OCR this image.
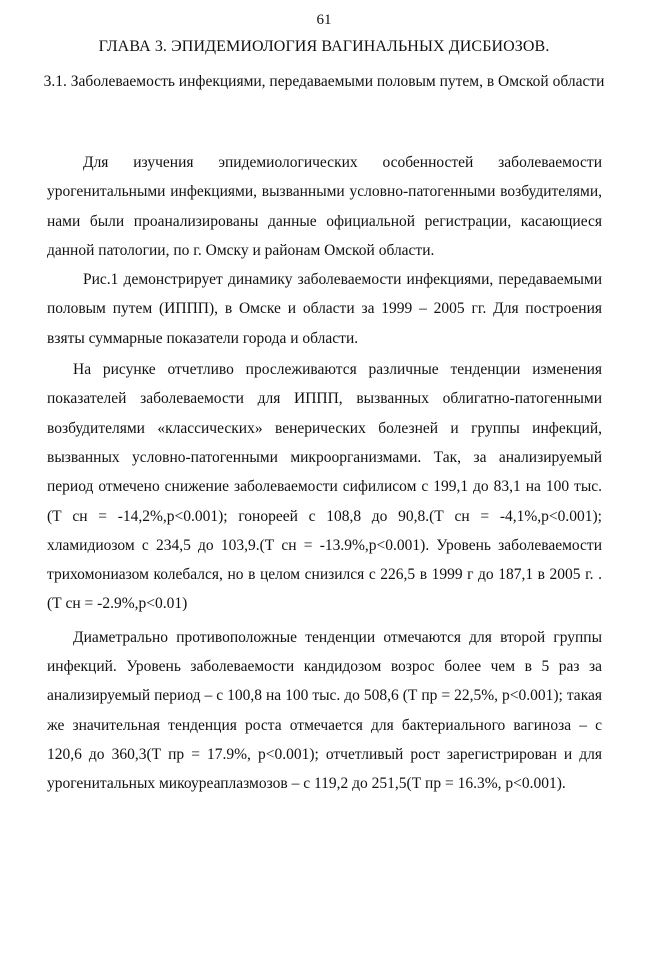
61
ГЛАВА 3. ЭПИДЕМИОЛОГИЯ ВАГИНАЛЬНЫХ ДИСБИОЗОВ.
3.1. Заболеваемость инфекциями, передаваемыми половым путем, в Омской области

Для изучения эпидемиологических особенностей заболеваемости урогенитальными инфекциями, вызванными условно-патогенными возбудителями, нами были проанализированы данные официальной регистрации, касающиеся данной патологии, по г. Омску и районам Омской области.

Рис.1 демонстрирует динамику заболеваемости инфекциями, передаваемыми половым путем (ИППП), в Омске и области за 1999 – 2005 гг. Для построения взяты суммарные показатели города и области.

На рисунке отчетливо прослеживаются различные тенденции изменения показателей заболеваемости для ИППП, вызванных облигатно-патогенными возбудителями «классических» венерических болезней и группы инфекций, вызванных условно-патогенными микроорганизмами. Так, за анализируемый период отмечено снижение заболеваемости сифилисом с 199,1 до 83,1 на 100 тыс.(Т сн = -14,2%,р<0.001); гонореей с 108,8 до 90,8.(Т сн = -4,1%,р<0.001); хламидиозом с 234,5 до 103,9.(Т сн = -13.9%,р<0.001). Уровень заболеваемости трихомониазом колебался, но в целом снизился с 226,5 в 1999 г до 187,1 в 2005 г. .(Т сн = -2.9%,р<0.01)

Диаметрально противоположные тенденции отмечаются для второй группы инфекций. Уровень заболеваемости кандидозом возрос более чем в 5 раз за анализируемый период – с 100,8 на 100 тыс. до 508,6 (Т пр = 22,5%, р<0.001); такая же значительная тенденция роста отмечается для бактериального вагиноза – с 120,6 до 360,3(Т пр = 17.9%, р<0.001); отчетливый рост зарегистрирован и для урогенитальных микоуреаплазмозов – с 119,2 до 251,5(Т пр = 16.3%, р<0.001).
